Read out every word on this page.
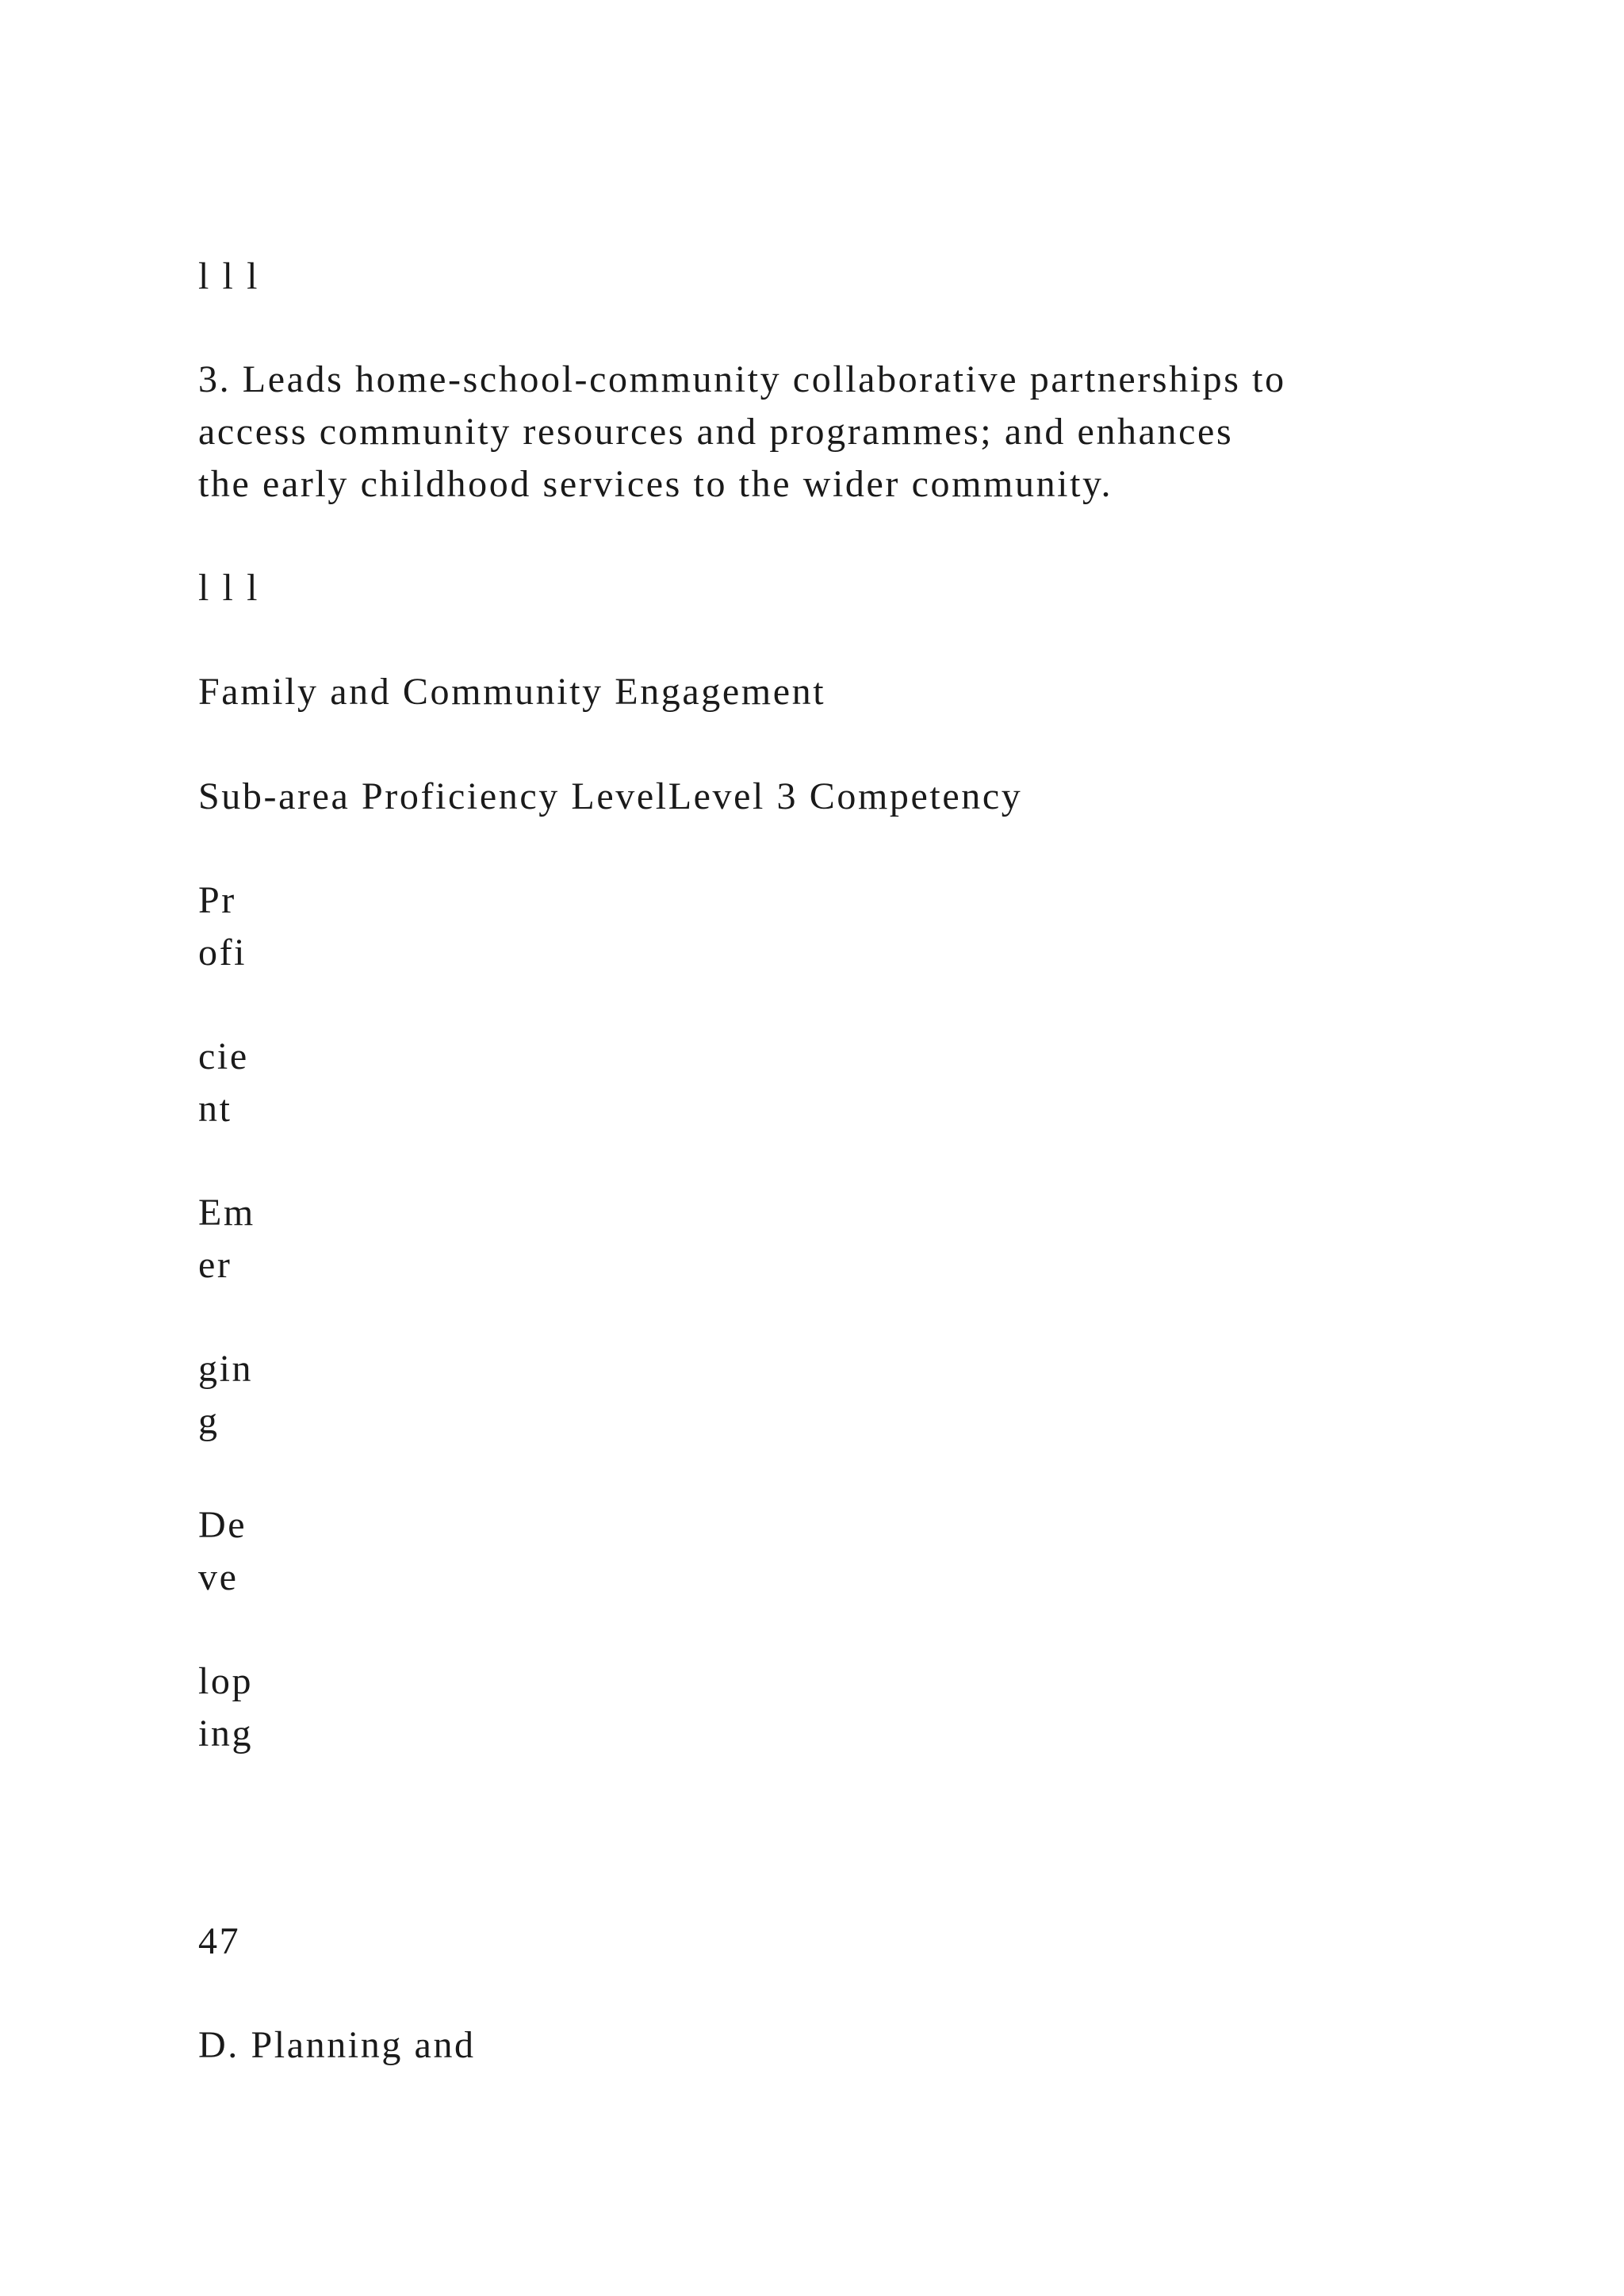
l l l

3. Leads home-school-community collaborative partnerships to

access community resources and programmes; and enhances

the early childhood services to the wider community.

l l l

Family and Community Engagement

Sub-area Proficiency LevelLevel 3 Competency

Pr

ofi

cie

nt

Em

er

gin

g

De

ve

lop

ing

47

D. Planning and
